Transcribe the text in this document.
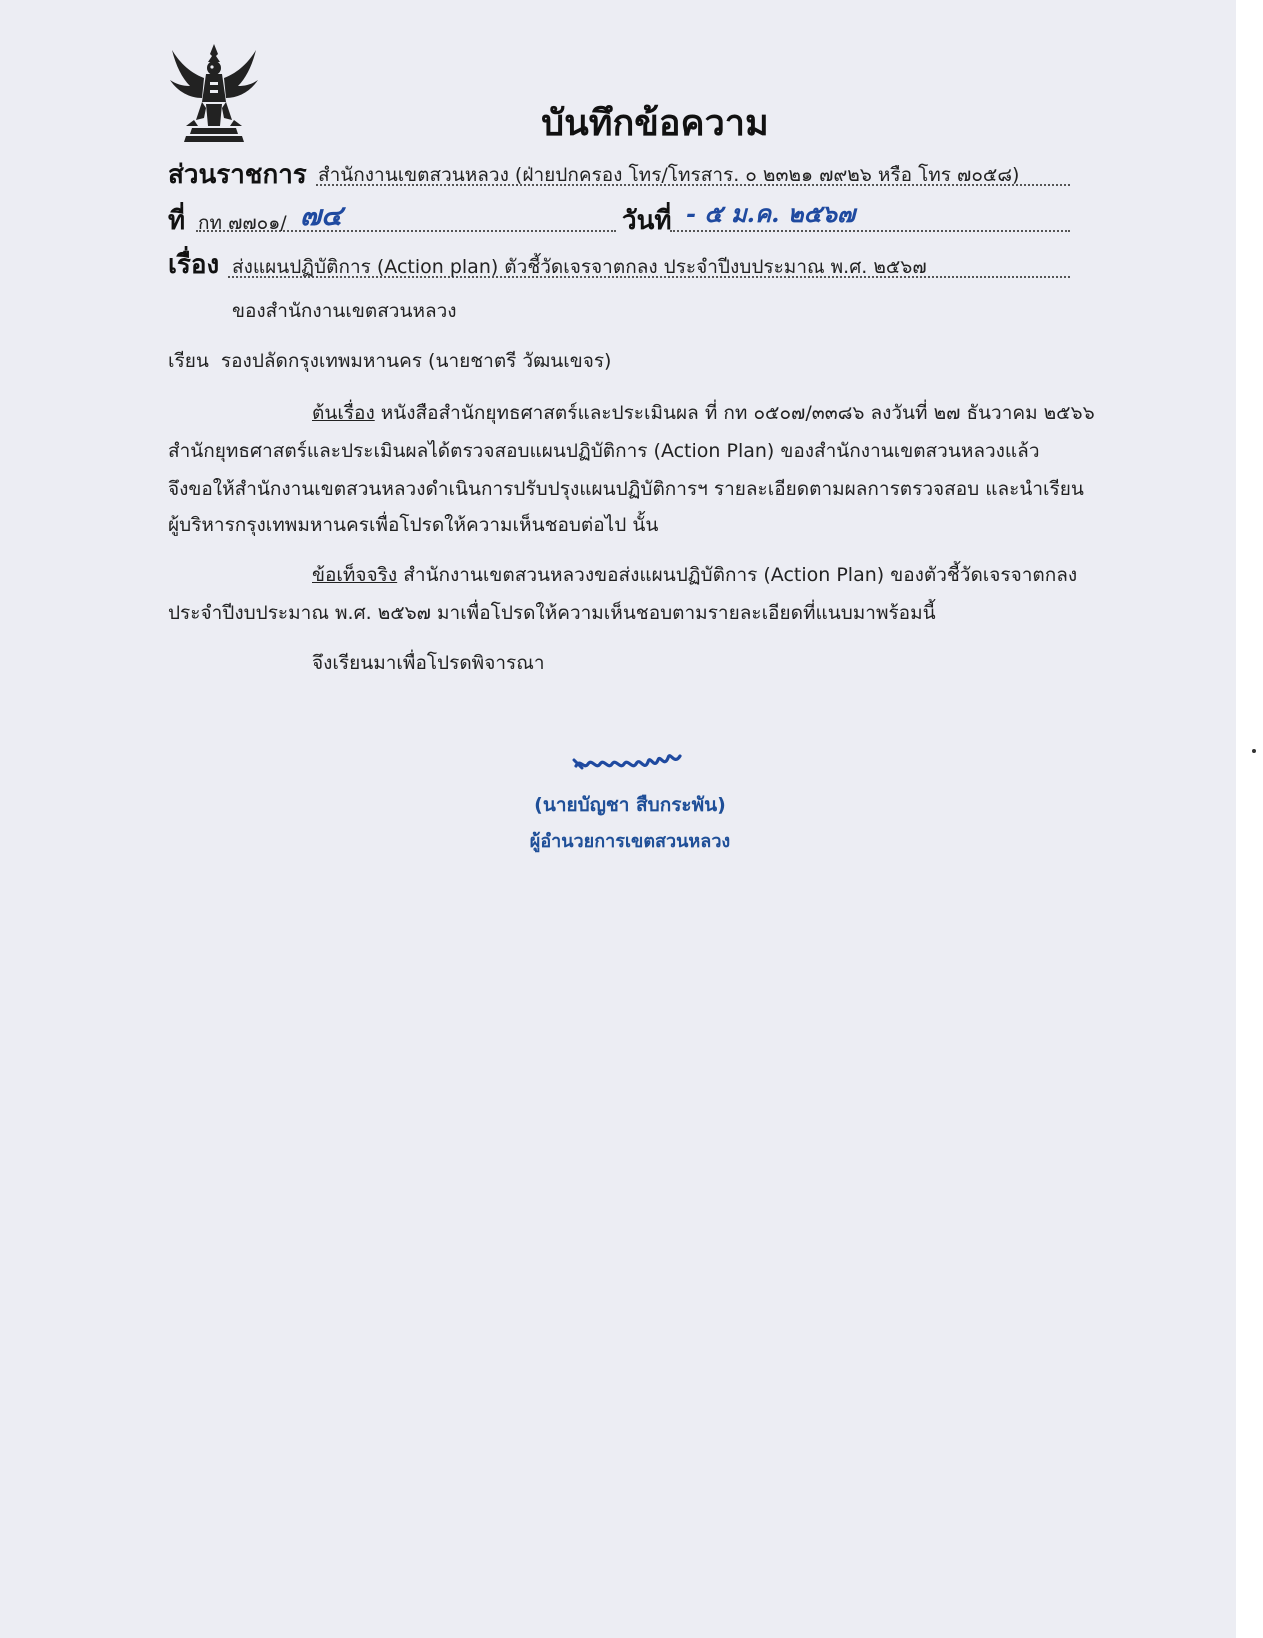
บันทึกข้อความ
ส่วนราชการ สำนักงานเขตสวนหลวง (ฝ่ายปกครอง โทร/โทรสาร. ๐ ๒๓๒๑ ๗๙๒๖ หรือ โทร ๗๐๕๘)
ที่ กท ๗๗๐๑/ ๗๔	วันที่ - ๕ ม.ค. ๒๕๖๗
เรื่อง ส่งแผนปฏิบัติการ (Action plan) ตัวชี้วัดเจรจาตกลง ประจำปีงบประมาณ พ.ศ. ๒๕๖๗
ของสำนักงานเขตสวนหลวง
เรียน รองปลัดกรุงเทพมหานคร (นายชาตรี วัฒนเขจร)
ต้นเรื่อง หนังสือสำนักยุทธศาสตร์และประเมินผล ที่ กท ๐๕๐๗/๓๓๘๖ ลงวันที่ ๒๗ ธันวาคม ๒๕๖๖
สำนักยุทธศาสตร์และประเมินผลได้ตรวจสอบแผนปฏิบัติการ (Action Plan) ของสำนักงานเขตสวนหลวงแล้ว
จึงขอให้สำนักงานเขตสวนหลวงดำเนินการปรับปรุงแผนปฏิบัติการฯ รายละเอียดตามผลการตรวจสอบ และนำเรียน
ผู้บริหารกรุงเทพมหานครเพื่อโปรดให้ความเห็นชอบต่อไป นั้น
ข้อเท็จจริง สำนักงานเขตสวนหลวงขอส่งแผนปฏิบัติการ (Action Plan) ของตัวชี้วัดเจรจาตกลง
ประจำปีงบประมาณ พ.ศ. ๒๕๖๗ มาเพื่อโปรดให้ความเห็นชอบตามรายละเอียดที่แนบมาพร้อมนี้
จึงเรียนมาเพื่อโปรดพิจารณา
(นายบัญชา สืบกระพัน)
ผู้อำนวยการเขตสวนหลวง
